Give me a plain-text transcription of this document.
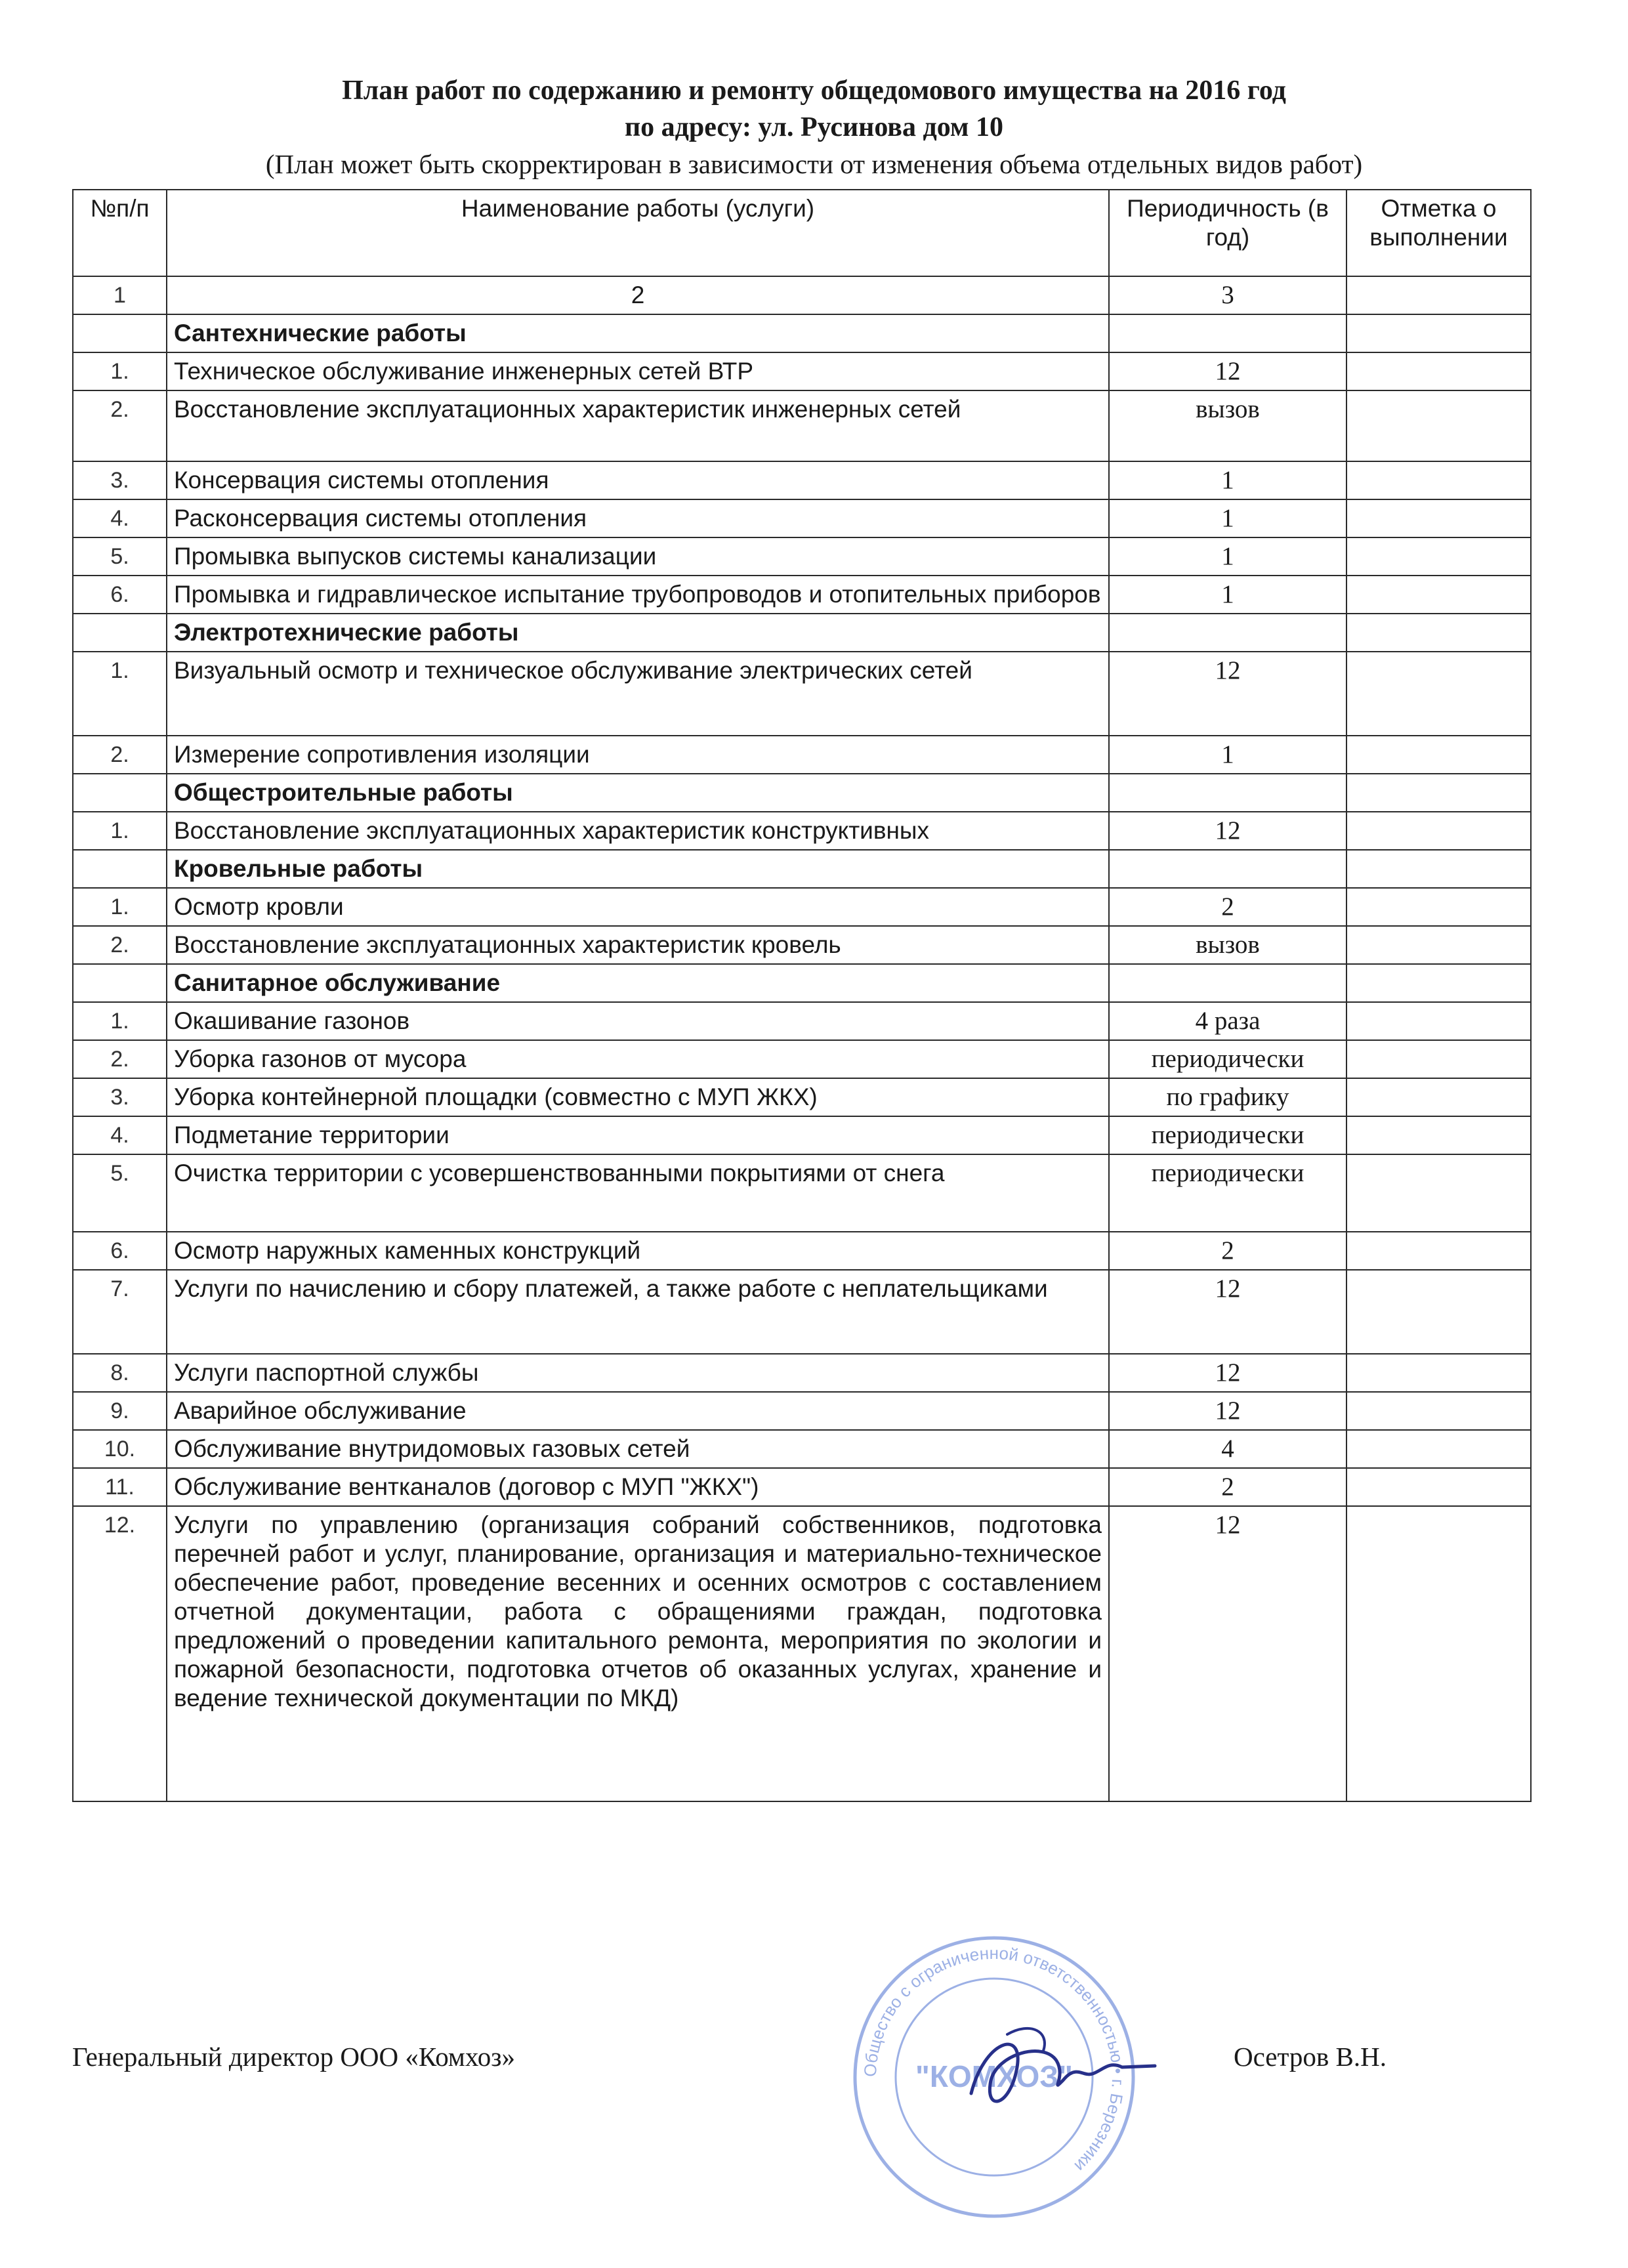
План работ по содержанию и ремонту общедомового имущества на 2016 год
по адресу: ул. Русинова дом 10
(План может быть скорректирован в зависимости от изменения объема отдельных видов работ)
№п/п	Наименование работы (услуги)	Периодичность (в год)	Отметка о выполнении
1	2	3	
	Сантехнические работы		
1.	Техническое обслуживание инженерных сетей ВТР	12	
2.	Восстановление эксплуатационных характеристик инженерных сетей	вызов	
3.	Консервация системы отопления	1	
4.	Расконсервация системы отопления	1	
5.	Промывка выпусков системы канализации	1	
6.	Промывка и гидравлическое испытание трубопроводов и отопительных приборов	1	
	Электротехнические работы		
1.	Визуальный осмотр и техническое обслуживание электрических сетей	12	
2.	Измерение сопротивления изоляции	1	
	Общестроительные работы		
1.	Восстановление эксплуатационных характеристик конструктивных	12	
	Кровельные работы		
1.	Осмотр кровли	2	
2.	Восстановление эксплуатационных характеристик кровель	вызов	
	Санитарное обслуживание		
1.	Окашивание газонов	4 раза	
2.	Уборка газонов от мусора	периодически	
3.	Уборка контейнерной площадки (совместно с МУП ЖКХ)	по графику	
4.	Подметание территории	периодически	
5.	Очистка территории с усовершенствованными покрытиями от снега	периодически	
6.	Осмотр наружных каменных конструкций	2	
7.	Услуги по начислению и сбору платежей, а также работе с неплательщиками	12	
8.	Услуги паспортной службы	12	
9.	Аварийное обслуживание	12	
10.	Обслуживание внутридомовых газовых сетей	4	
11.	Обслуживание вентканалов (договор с МУП "ЖКХ")	2	
12.	Услуги по управлению (организация собраний собственников, подготовка перечней работ и услуг, планирование, организация и материально-техническое обеспечение работ, проведение весенних и осенних осмотров с составлением отчетной документации, работа с обращениями граждан, подготовка предложений о проведении капитального ремонта, мероприятия по экологии и пожарной безопасности, подготовка отчетов об оказанных услугах, хранение и ведение технической документации по МКД)	12	
Генеральный директор ООО «Комхоз»	Осетров В.Н.
Общество с ограниченной ответственностью • г. Березники
"КОМХОЗ"
